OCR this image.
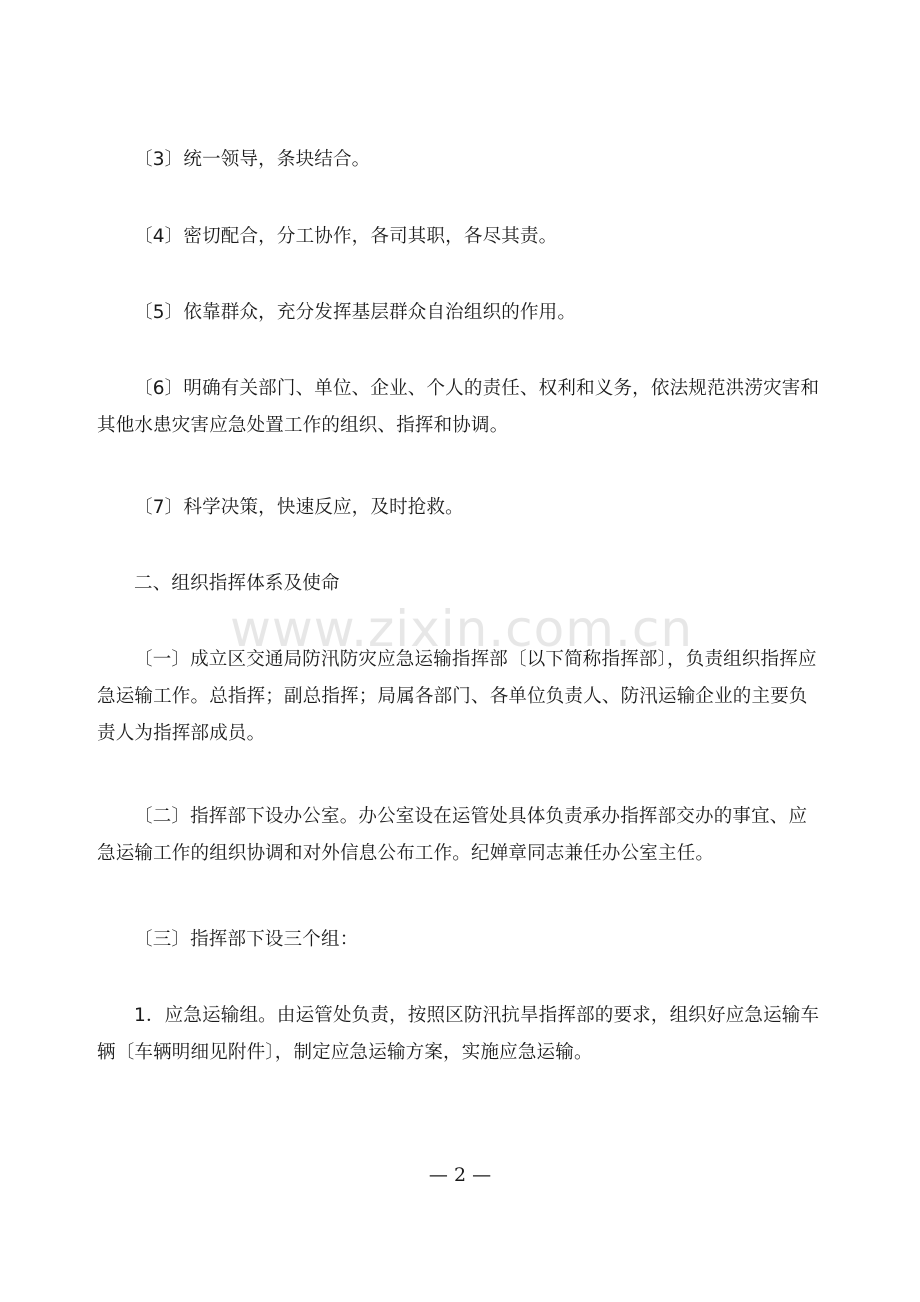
〔3〕统一领导，条块结合。

〔4〕密切配合，分工协作，各司其职，各尽其责。

〔5〕依靠群众，充分发挥基层群众自治组织的作用。

〔6〕明确有关部门、单位、企业、个人的责任、权利和义务，依法规范洪涝灾害和其他水患灾害应急处置工作的组织、指挥和协调。

〔7〕科学决策，快速反应，及时抢救。

二、组织指挥体系及使命

〔一〕成立区交通局防汛防灾应急运输指挥部〔以下简称指挥部〕，负责组织指挥应急运输工作。总指挥；副总指挥；局属各部门、各单位负责人、防汛运输企业的主要负责人为指挥部成员。

〔二〕指挥部下设办公室。办公室设在运管处具体负责承办指挥部交办的事宜、应急运输工作的组织协调和对外信息公布工作。纪婵章同志兼任办公室主任。

〔三〕指挥部下设三个组：

1．应急运输组。由运管处负责，按照区防汛抗旱指挥部的要求，组织好应急运输车辆〔车辆明细见附件〕，制定应急运输方案，实施应急运输。

www.zixin.com.cn
— 2 —
